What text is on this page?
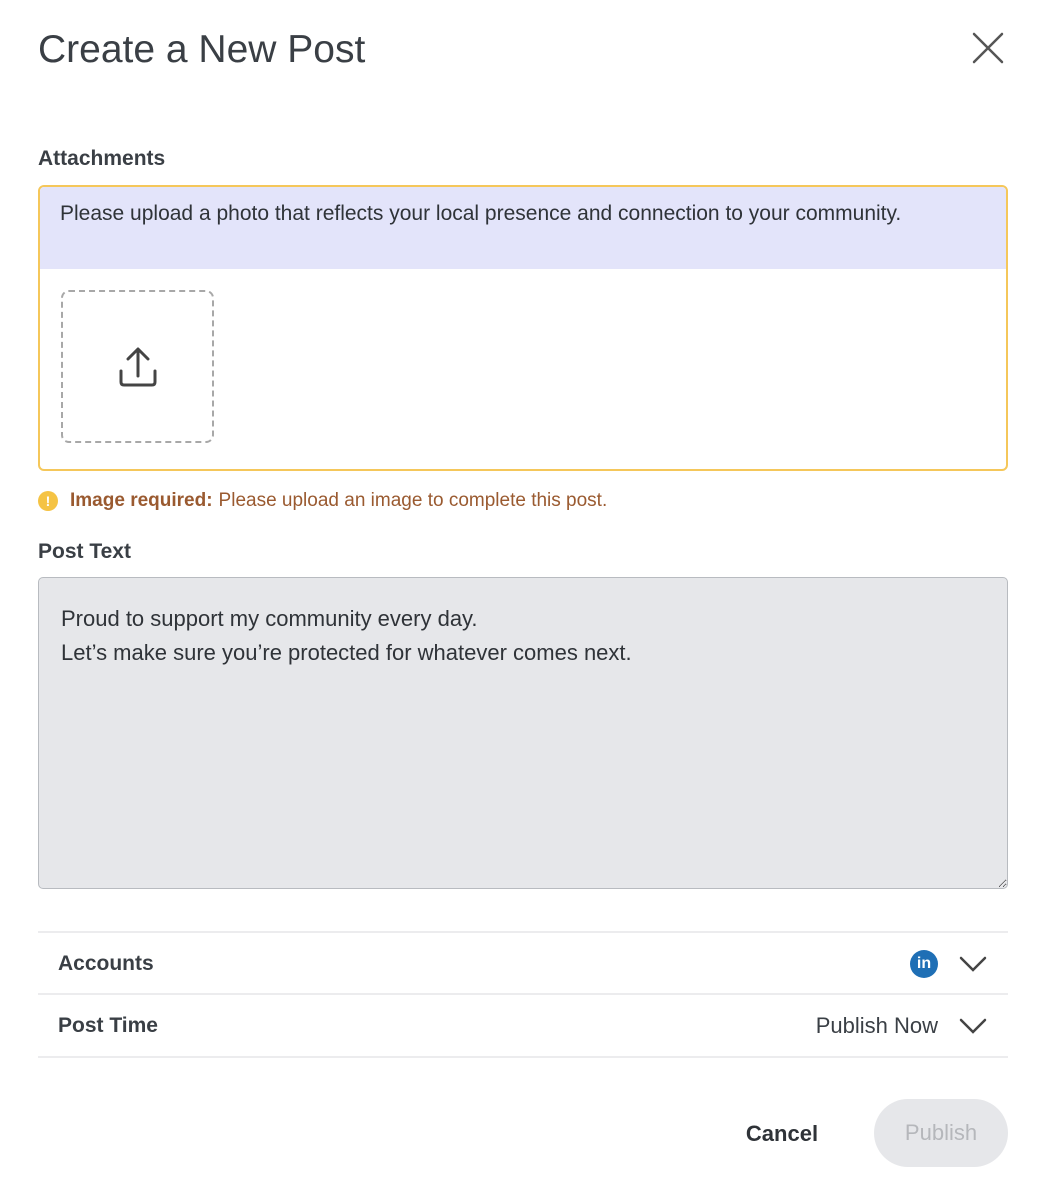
Create a New Post
Attachments
Please upload a photo that reflects your local presence and connection to your community.
!	Image required: Please upload an image to complete this post.
Post Text
Proud to support my community every day. Let’s make sure you’re protected for whatever comes next.
Accounts	in
Post Time	Publish Now
Cancel	Publish
